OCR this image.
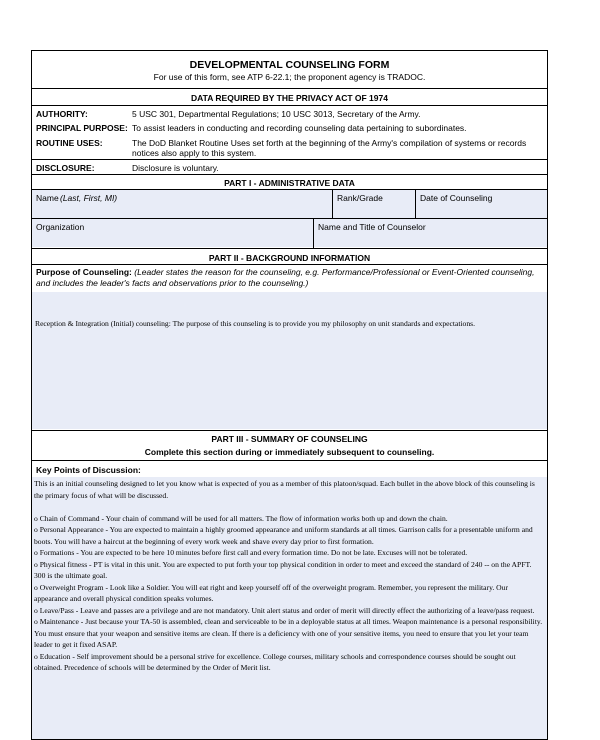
DEVELOPMENTAL COUNSELING FORM
For use of this form, see ATP 6-22.1; the proponent agency is TRADOC.
DATA REQUIRED BY THE PRIVACY ACT OF 1974
AUTHORITY:	5 USC 301, Departmental Regulations; 10 USC 3013, Secretary of the Army.
PRINCIPAL PURPOSE: To assist leaders in conducting and recording counseling data pertaining to subordinates.
ROUTINE USES:	The DoD Blanket Routine Uses set forth at the beginning of the Army's compilation of systems or records notices also apply to this system.
DISCLOSURE:	Disclosure is voluntary.
PART I - ADMINISTRATIVE DATA
Name (Last, First, MI)	Rank/Grade	Date of Counseling
Organization	Name and Title of Counselor
PART II - BACKGROUND INFORMATION
Purpose of Counseling: (Leader states the reason for the counseling, e.g. Performance/Professional or Event-Oriented counseling, and includes the leader's facts and observations prior to the counseling.)
Reception & Integration (Initial) counseling: The purpose of this counseling is to provide you my philosophy on unit standards and expectations.
PART III - SUMMARY OF COUNSELING
Complete this section during or immediately subsequent to counseling.
Key Points of Discussion:

This is an initial counseling designed to let you know what is expected of you as a member of this platoon/squad. Each bullet in the above block of this counseling is the primary focus of what will be discussed.

o Chain of Command - Your chain of command will be used for all matters. The flow of information works both up and down the chain.

o Personal Appearance - You are expected to maintain a highly groomed appearance and uniform standards at all times. Garrison calls for a presentable uniform and boots. You will have a haircut at the beginning of every work week and shave every day prior to first formation.

o Formations - You are expected to be here 10 minutes before first call and every formation time. Do not be late. Excuses will not be tolerated.

o Physical fitness - PT is vital in this unit. You are expected to put forth your top physical condition in order to meet and exceed the standard of 240 -- on the APFT. 300 is the ultimate goal.

o Overweight Program - Look like a Soldier. You will eat right and keep yourself off of the overweight program. Remember, you represent the military. Our appearance and overall physical condition speaks volumes.

o Leave/Pass - Leave and passes are a privilege and are not mandatory. Unit alert status and order of merit will directly effect the authorizing of a leave/pass request.

o Maintenance - Just because your TA-50 is assembled, clean and serviceable to be in a deployable status at all times. Weapon maintenance is a personal responsibility. You must ensure that your weapon and sensitive items are clean. If there is a deficiency with one of your sensitive items, you need to ensure that you let your team leader to get it fixed ASAP.

o Education - Self improvement should be a personal strive for excellence. College courses, military schools and correspondence courses should be sought out obtained. Precedence of schools will be determined by the Order of Merit list.
